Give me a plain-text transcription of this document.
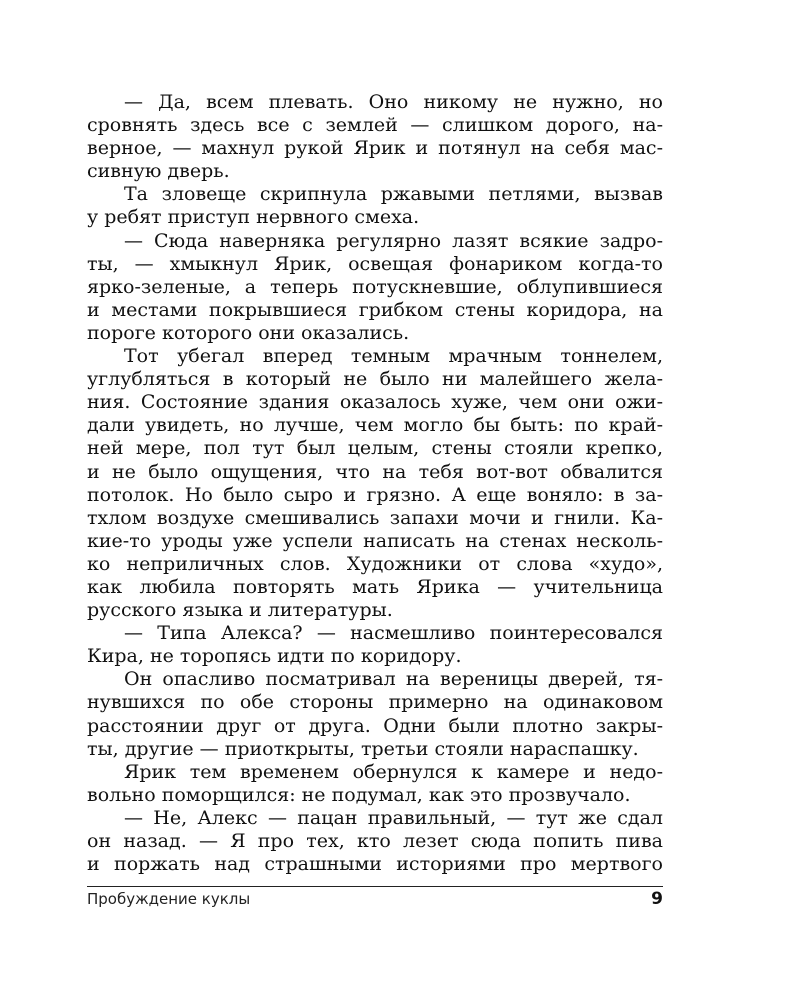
— Да, всем плевать. Оно никому не нужно, но
сровнять здесь все с землей — слишком дорого, на-
верное, — махнул рукой Ярик и потянул на себя мас-
сивную дверь.
Та зловеще скрипнула ржавыми петлями, вызвав
у ребят приступ нервного смеха.
— Сюда наверняка регулярно лазят всякие задро-
ты, — хмыкнул Ярик, освещая фонариком когда-то
ярко-зеленые, а теперь потускневшие, облупившиеся
и местами покрывшиеся грибком стены коридора, на
пороге которого они оказались.
Тот убегал вперед темным мрачным тоннелем,
углубляться в который не было ни малейшего жела-
ния. Состояние здания оказалось хуже, чем они ожи-
дали увидеть, но лучше, чем могло бы быть: по край-
ней мере, пол тут был целым, стены стояли крепко,
и не было ощущения, что на тебя вот-вот обвалится
потолок. Но было сыро и грязно. А еще воняло: в за-
тхлом воздухе смешивались запахи мочи и гнили. Ка-
кие-то уроды уже успели написать на стенах несколь-
ко неприличных слов. Художники от слова «худо»,
как любила повторять мать Ярика — учительница
русского языка и литературы.
— Типа Алекса? — насмешливо поинтересовался
Кира, не торопясь идти по коридору.
Он опасливо посматривал на вереницы дверей, тя-
нувшихся по обе стороны примерно на одинаковом
расстоянии друг от друга. Одни были плотно закры-
ты, другие — приоткрыты, третьи стояли нараспашку.
Ярик тем временем обернулся к камере и недо-
вольно поморщился: не подумал, как это прозвучало.
— Не, Алекс — пацан правильный, — тут же сдал
он назад. — Я про тех, кто лезет сюда попить пива
и поржать над страшными историями про мертвого
Пробуждение куклы	9
